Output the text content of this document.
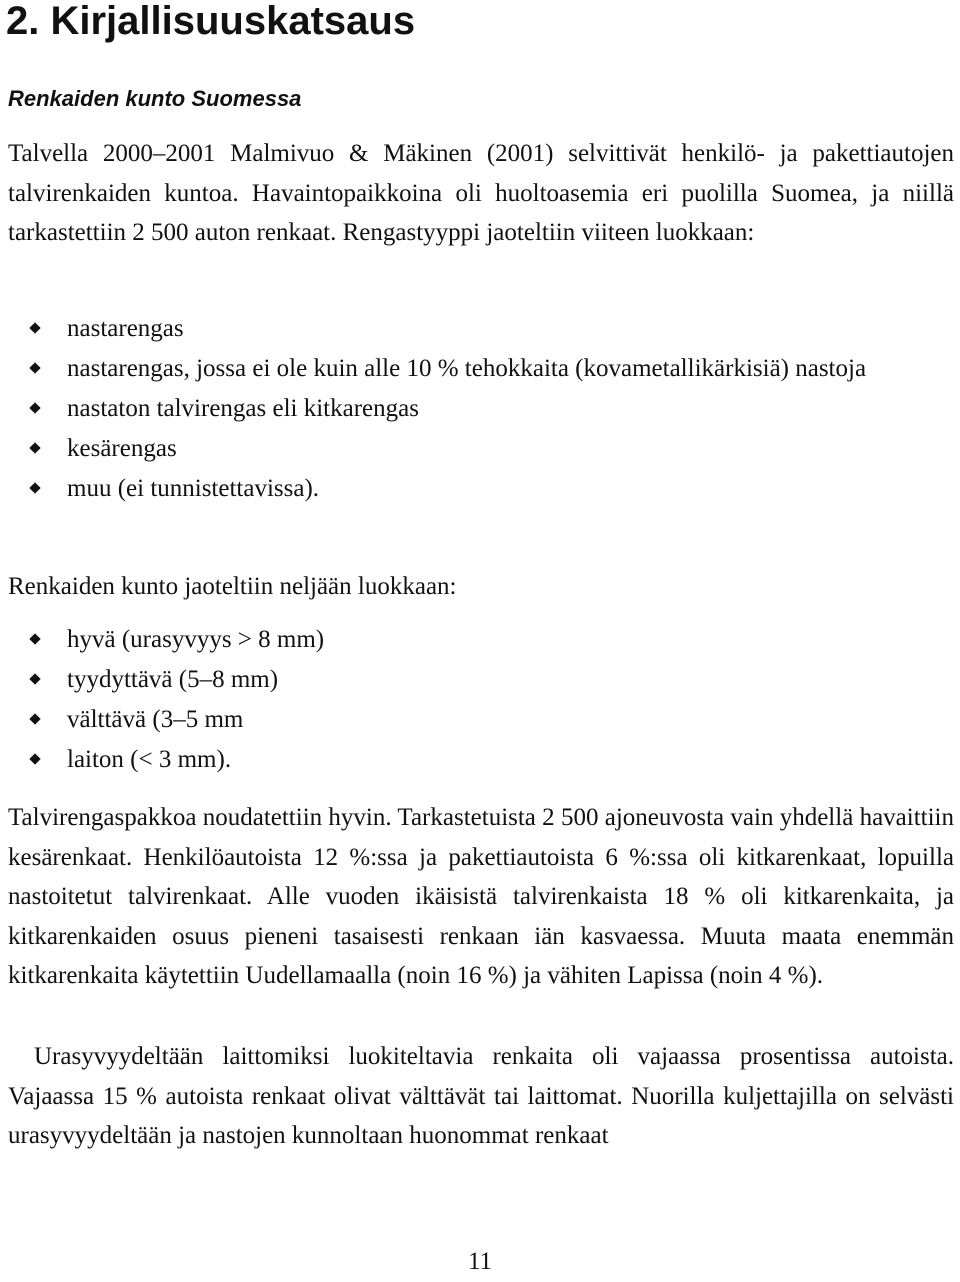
2. Kirjallisuuskatsaus
Renkaiden kunto Suomessa

Talvella 2000–2001 Malmivuo & Mäkinen (2001) selvittivät henkilö- ja pakettiautojen talvirenkaiden kuntoa. Havaintopaikkoina oli huoltoasemia eri puolilla Suomea, ja niillä tarkastettiin 2 500 auton renkaat. Rengastyyppi jaoteltiin viiteen luokkaan:

nastarengas
nastarengas, jossa ei ole kuin alle 10 % tehokkaita (kovametallikärkisiä) nastoja
nastaton talvirengas eli kitkarengas
kesärengas
muu (ei tunnistettavissa).

Renkaiden kunto jaoteltiin neljään luokkaan:

hyvä (urasyvyys > 8 mm)
tyydyttävä (5–8 mm)
välttävä (3–5 mm
laiton (< 3 mm).

Talvirengaspakkoa noudatettiin hyvin. Tarkastetuista 2 500 ajoneuvosta vain yhdellä havaittiin kesärenkaat. Henkilöautoista 12 %:ssa ja pakettiautoista 6 %:ssa oli kitkarenkaat, lopuilla nastoitetut talvirenkaat. Alle vuoden ikäisistä talvirenkaista 18 % oli kitkarenkaita, ja kitkarenkaiden osuus pieneni tasaisesti renkaan iän kasvaessa. Muuta maata enemmän kitkarenkaita käytettiin Uudellamaalla (noin 16 %) ja vähiten Lapissa (noin 4 %).

Urasyvyydeltään laittomiksi luokiteltavia renkaita oli vajaassa prosentissa autoista. Vajaassa 15 % autoista renkaat olivat välttävät tai laittomat. Nuorilla kuljettajilla on selvästi urasyvyydeltään ja nastojen kunnoltaan huonommat renkaat

11
